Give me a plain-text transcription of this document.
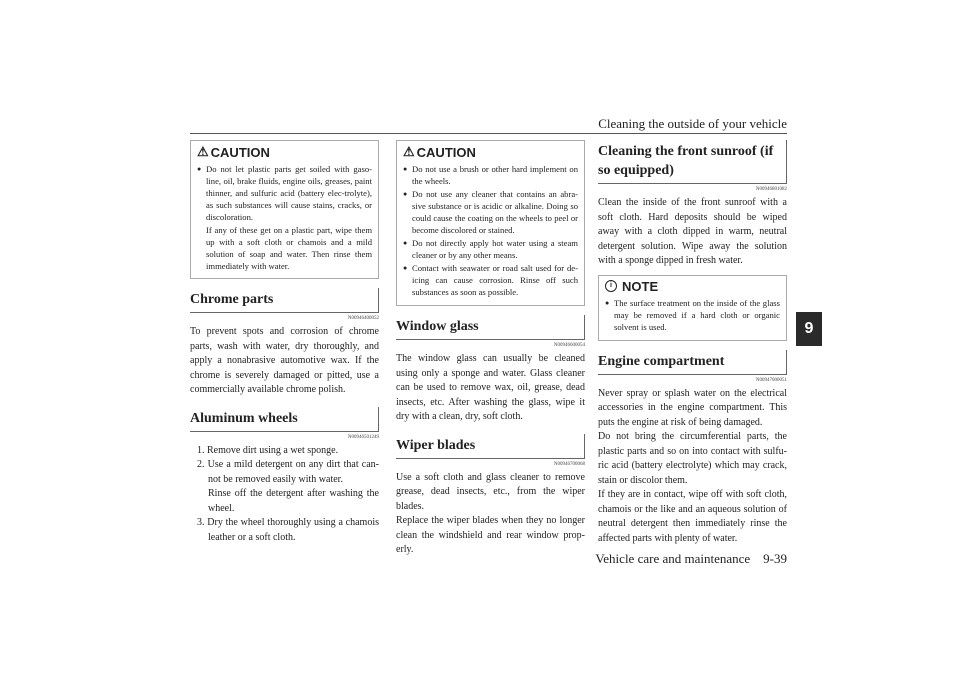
Cleaning the outside of your vehicle
9
⚠ CAUTION
● Do not let plastic parts get soiled with gaso-line, oil, brake fluids, engine oils, greases, paint thinner, and sulfuric acid (battery elec-trolyte), as such substances will cause stains, cracks, or discoloration.
If any of these get on a plastic part, wipe them up with a soft cloth or chamois and a mild solution of soap and water. Then rinse them immediately with water.
Chrome parts
N00946400052

To prevent spots and corrosion of chrome parts, wash with water, dry thoroughly, and apply a nonabrasive automotive wax. If the chrome is severely damaged or pitted, use a commercially available chrome polish.

Aluminum wheels
N00946501249
1. Remove dirt using a wet sponge.
2. Use a mild detergent on any dirt that can-not be removed easily with water.
Rinse off the detergent after washing the wheel.
3. Dry the wheel thoroughly using a chamois leather or a soft cloth.
⚠ CAUTION
● Do not use a brush or other hard implement on the wheels.
● Do not use any cleaner that contains an abra-sive substance or is acidic or alkaline. Doing so could cause the coating on the wheels to peel or become discolored or stained.
● Do not directly apply hot water using a steam cleaner or by any other means.
● Contact with seawater or road salt used for de-icing can cause corrosion. Rinse off such substances as soon as possible.
Window glass
N00946600054

The window glass can usually be cleaned using only a sponge and water. Glass cleaner can be used to remove wax, oil, grease, dead insects, etc. After washing the glass, wipe it dry with a clean, dry, soft cloth.

Wiper blades
N00946700068

Use a soft cloth and glass cleaner to remove grease, dead insects, etc., from the wiper blades.

Replace the wiper blades when they no longer clean the windshield and rear window prop-erly.

Cleaning the front sunroof (if so equipped)
N00946801082

Clean the inside of the front sunroof with a soft cloth. Hard deposits should be wiped away with a cloth dipped in warm, neutral detergent solution. Wipe away the solution with a sponge dipped in fresh water.

i NOTE
● The surface treatment on the inside of the glass may be removed if a hard cloth or organic solvent is used.
Engine compartment
N00947000051

Never spray or splash water on the electrical accessories in the engine compartment. This puts the engine at risk of being damaged.

Do not bring the circumferential parts, the plastic parts and so on into contact with sulfu-ric acid (battery electrolyte) which may crack, stain or discolor them.

If they are in contact, wipe off with soft cloth, chamois or the like and an aqueous solution of neutral detergent then immediately rinse the affected parts with plenty of water.

Vehicle care and maintenance    9-39
